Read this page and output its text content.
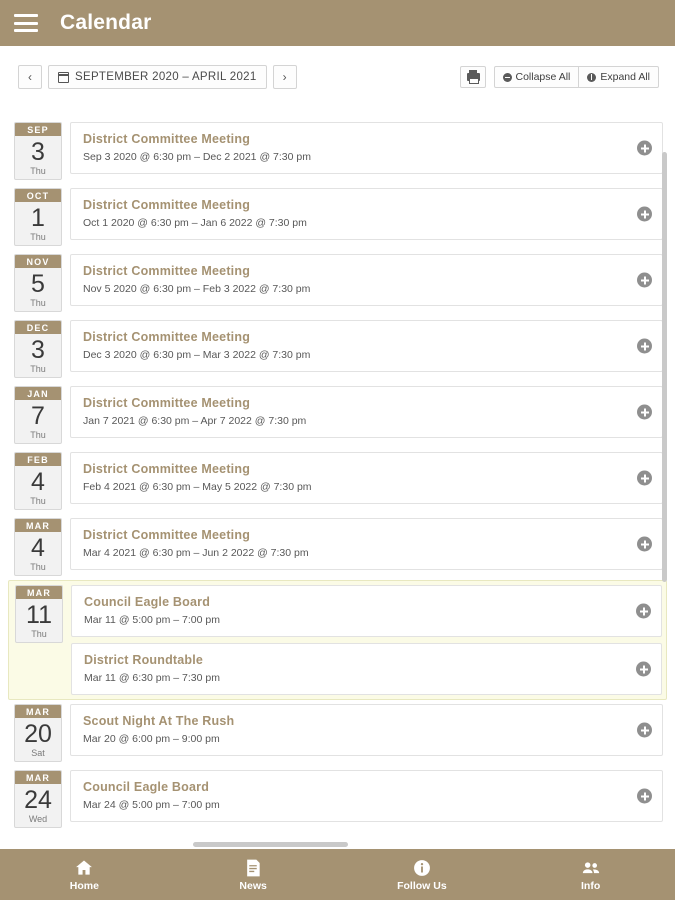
Calendar
‹	SEPTEMBER 2020 – APRIL 2021	›	Collapse All	Expand All
SEP
3
Thu
District Committee Meeting
Sep 3 2020 @ 6:30 pm – Dec 2 2021 @ 7:30 pm
OCT
1
Thu
District Committee Meeting
Oct 1 2020 @ 6:30 pm – Jan 6 2022 @ 7:30 pm
NOV
5
Thu
District Committee Meeting
Nov 5 2020 @ 6:30 pm – Feb 3 2022 @ 7:30 pm
DEC
3
Thu
District Committee Meeting
Dec 3 2020 @ 6:30 pm – Mar 3 2022 @ 7:30 pm
JAN
7
Thu
District Committee Meeting
Jan 7 2021 @ 6:30 pm – Apr 7 2022 @ 7:30 pm
FEB
4
Thu
District Committee Meeting
Feb 4 2021 @ 6:30 pm – May 5 2022 @ 7:30 pm
MAR
4
Thu
District Committee Meeting
Mar 4 2021 @ 6:30 pm – Jun 2 2022 @ 7:30 pm
MAR
11
Thu
Council Eagle Board
Mar 11 @ 5:00 pm – 7:00 pm
District Roundtable
Mar 11 @ 6:30 pm – 7:30 pm
MAR
20
Sat
Scout Night At The Rush
Mar 20 @ 6:00 pm – 9:00 pm
MAR
24
Wed
Council Eagle Board
Mar 24 @ 5:00 pm – 7:00 pm
Home	News	Follow Us	Info
